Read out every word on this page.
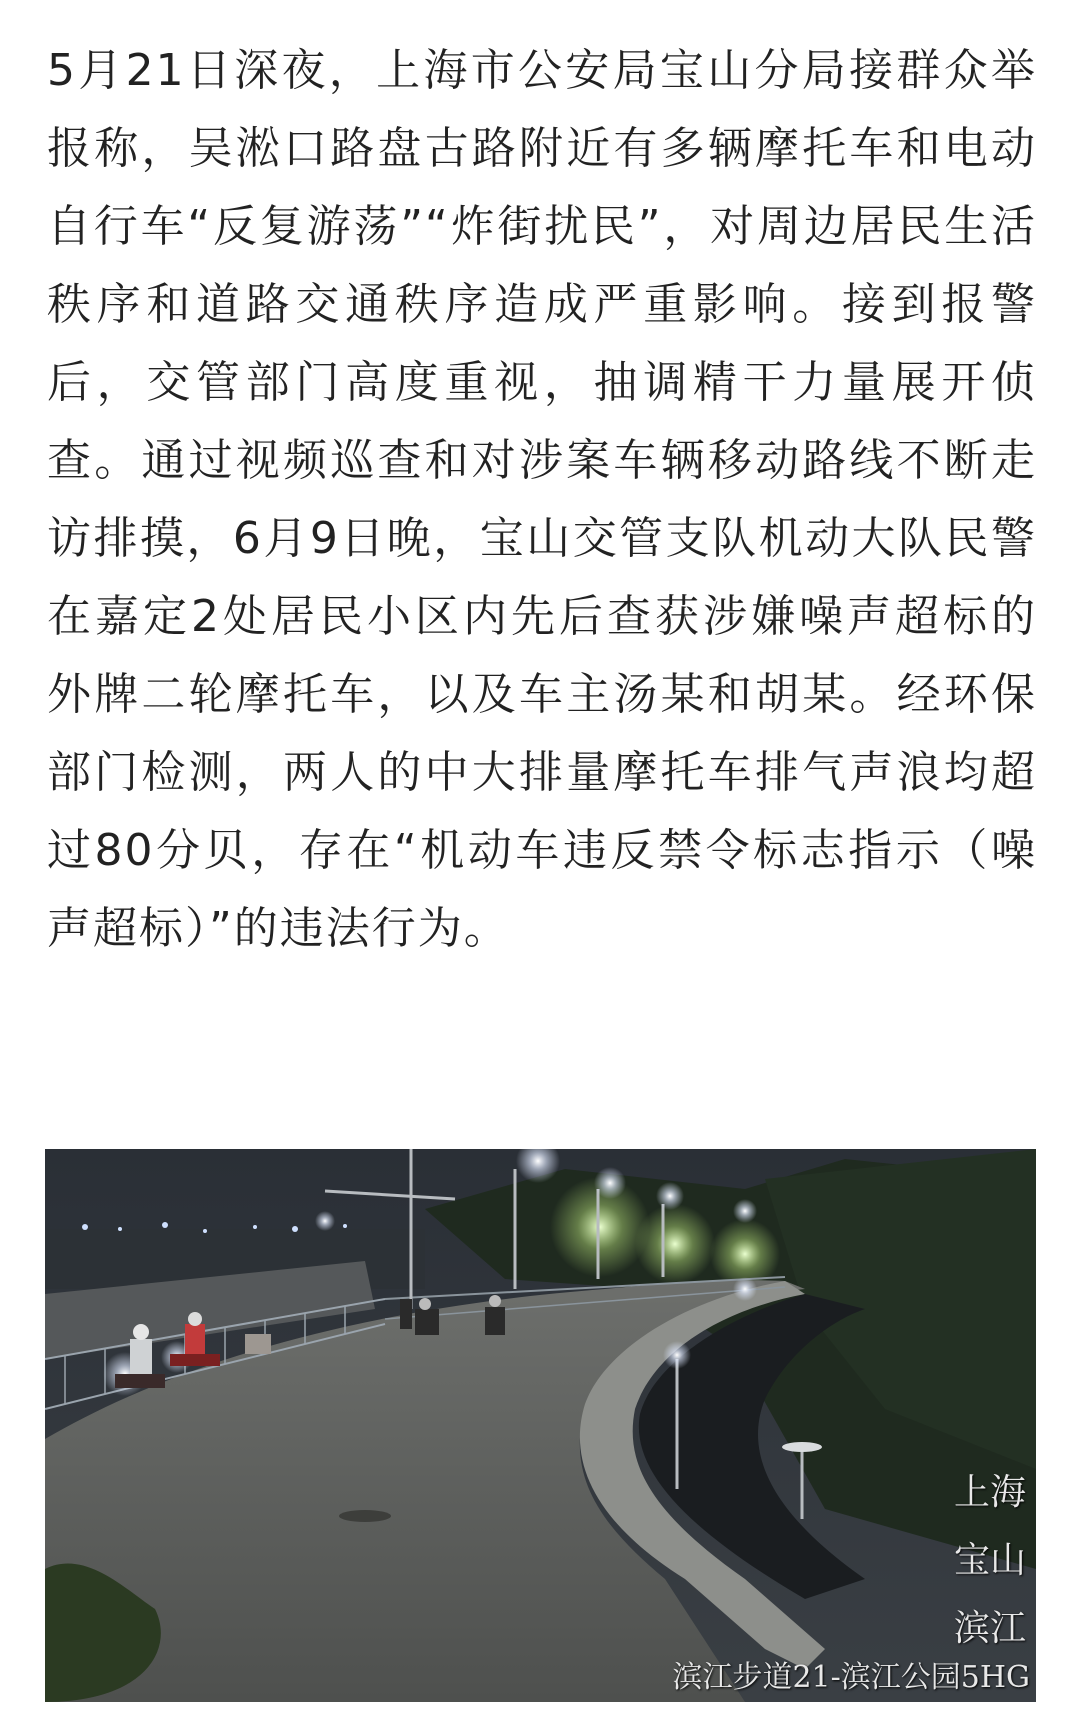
5月21日深夜，上海市公安局宝山分局接群众举报称，吴淞口路盘古路附近有多辆摩托车和电动自行车“反复游荡”“炸街扰民”，对周边居民生活秩序和道路交通秩序造成严重影响。接到报警后，交管部门高度重视，抽调精干力量展开侦查。通过视频巡查和对涉案车辆移动路线不断走访排摸，6月9日晚，宝山交管支队机动大队民警在嘉定2处居民小区内先后查获涉嫌噪声超标的外牌二轮摩托车，以及车主汤某和胡某。经环保部门检测，两人的中大排量摩托车排气声浪均超过80分贝，存在“机动车违反禁令标志指示（噪声超标）”的违法行为。

上海
宝山
滨江
滨江步道21-滨江公园5HG
